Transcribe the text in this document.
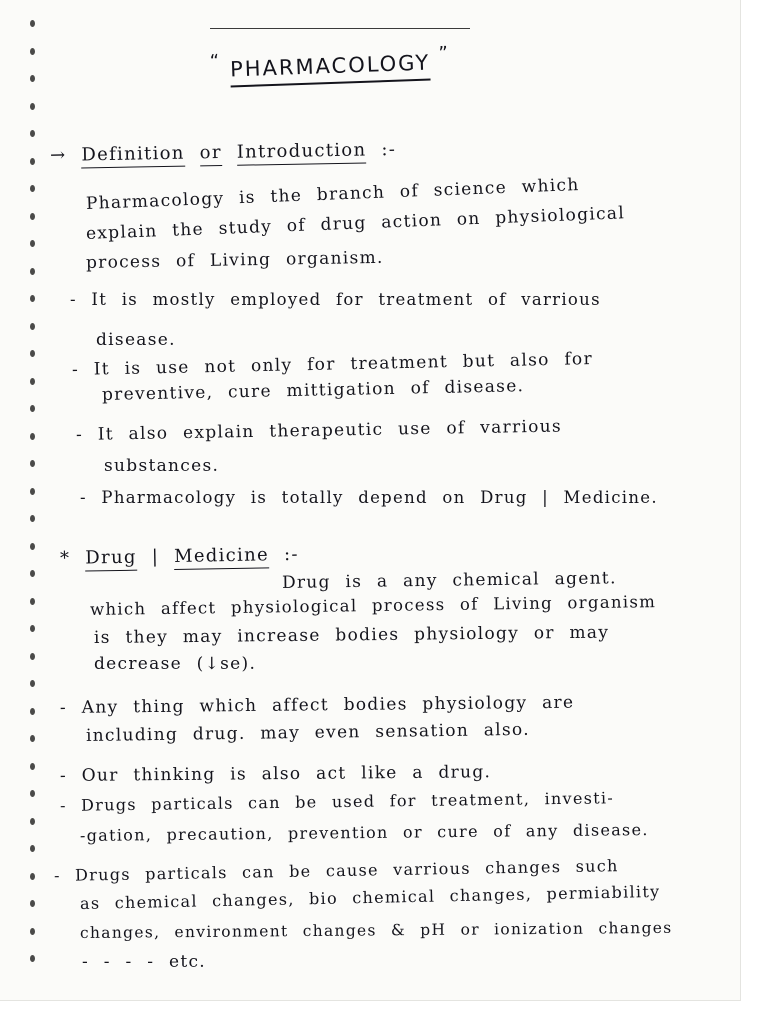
“ PHARMACOLOGY ”
→ Definition or Introduction :-
Pharmacology is the branch of science which
explain the study of drug action on physiological
process of Living organism.
- It is mostly employed for treatment of varrious
disease.
- It is use not only for treatment but also for
preventive, cure mittigation of disease.
- It also explain therapeutic use of varrious
substances.
- Pharmacology is totally depend on Drug | Medicine.
* Drug | Medicine :-
Drug is a any chemical agent.
which affect physiological process of Living organism
is they may increase bodies physiology or may
decrease (↓se).
- Any thing which affect bodies physiology are
including drug. may even sensation also.
- Our thinking is also act like a drug.
- Drugs particals can be used for treatment, investi-
-gation, precaution, prevention or cure of any disease.
- Drugs particals can be cause varrious changes such
as chemical changes, bio chemical changes, permiability
changes, environment changes & pH or ionization changes
- - - - etc.
